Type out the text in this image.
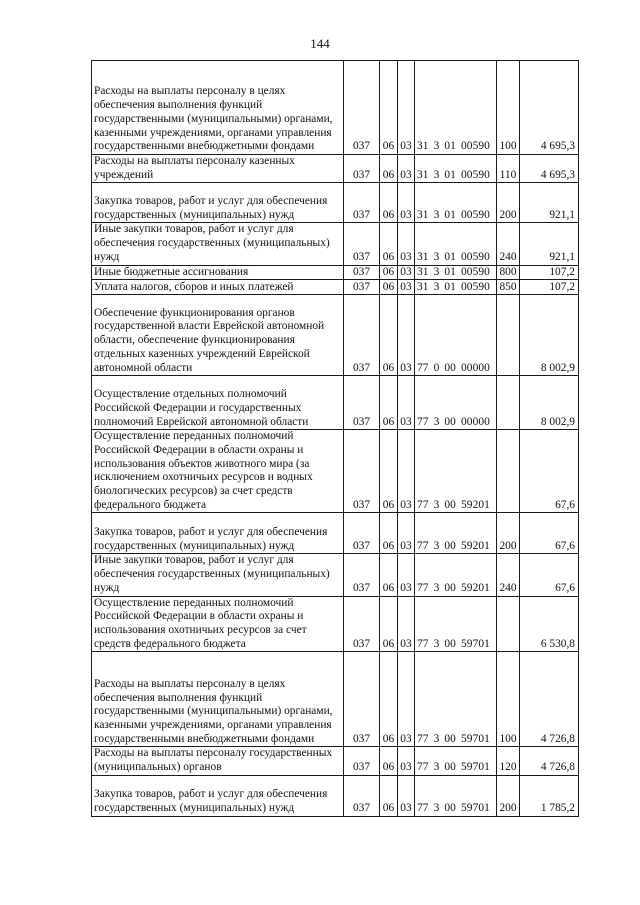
144
Расходы на выплаты персоналу в целях обеспечения выполнения функций государственными (муниципальными) органами, казенными учреждениями, органами управления государственными внебюджетными фондами	037	06	03	31 3 01 00590	100	4 695,3
Расходы на выплаты персоналу казенных учреждений	037	06	03	31 3 01 00590	110	4 695,3
Закупка товаров, работ и услуг для обеспечения государственных (муниципальных) нужд	037	06	03	31 3 01 00590	200	921,1
Иные закупки товаров, работ и услуг для обеспечения государственных (муниципальных) нужд	037	06	03	31 3 01 00590	240	921,1
Иные бюджетные ассигнования	037	06	03	31 3 01 00590	800	107,2
Уплата налогов, сборов и иных платежей	037	06	03	31 3 01 00590	850	107,2
Обеспечение функционирования органов государственной власти Еврейской автономной области, обеспечение функционирования отдельных казенных учреждений Еврейской автономной области	037	06	03	77 0 00 00000		8 002,9
Осуществление отдельных полномочий Российской Федерации и государственных полномочий Еврейской автономной области	037	06	03	77 3 00 00000		8 002,9
Осуществление переданных полномочий Российской Федерации в области охраны и использования объектов животного мира (за исключением охотничьих ресурсов и водных биологических ресурсов) за счет средств федерального бюджета	037	06	03	77 3 00 59201		67,6
Закупка товаров, работ и услуг для обеспечения государственных (муниципальных) нужд	037	06	03	77 3 00 59201	200	67,6
Иные закупки товаров, работ и услуг для обеспечения государственных (муниципальных) нужд	037	06	03	77 3 00 59201	240	67,6
Осуществление переданных полномочий Российской Федерации в области охраны и использования охотничьих ресурсов за счет средств федерального бюджета	037	06	03	77 3 00 59701		6 530,8
Расходы на выплаты персоналу в целях обеспечения выполнения функций государственными (муниципальными) органами, казенными учреждениями, органами управления государственными внебюджетными фондами	037	06	03	77 3 00 59701	100	4 726,8
Расходы на выплаты персоналу государственных (муниципальных) органов	037	06	03	77 3 00 59701	120	4 726,8
Закупка товаров, работ и услуг для обеспечения государственных (муниципальных) нужд	037	06	03	77 3 00 59701	200	1 785,2
